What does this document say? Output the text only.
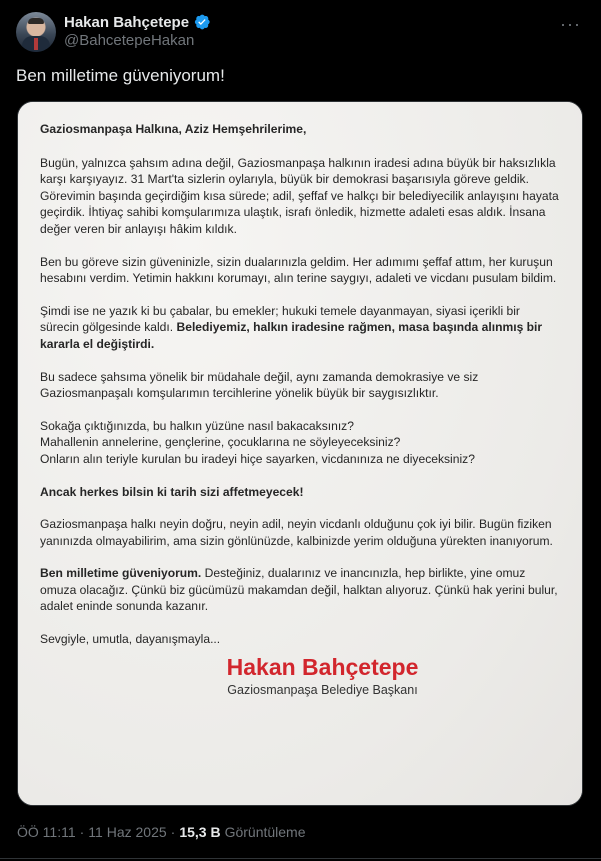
Hakan Bahçetepe
@BahcetepeHakan
···
Ben milletime güveniyorum!

Gaziosmanpaşa Halkına, Aziz Hemşehrilerime,

Bugün, yalnızca şahsım adına değil, Gaziosmanpaşa halkının iradesi adına büyük bir haksızlıkla karşı karşıyayız. 31 Mart'ta sizlerin oylarıyla, büyük bir demokrasi başarısıyla göreve geldik. Görevimin başında geçirdiğim kısa sürede; adil, şeffaf ve halkçı bir belediyecilik anlayışını hayata geçirdik. İhtiyaç sahibi komşularımıza ulaştık, israfı önledik, hizmette adaleti esas aldık. İnsana değer veren bir anlayışı hâkim kıldık.

Ben bu göreve sizin güveninizle, sizin dualarınızla geldim. Her adımımı şeffaf attım, her kuruşun hesabını verdim. Yetimin hakkını korumayı, alın terine saygıyı, adaleti ve vicdanı pusulam bildim.

Şimdi ise ne yazık ki bu çabalar, bu emekler; hukuki temele dayanmayan, siyasi içerikli bir sürecin gölgesinde kaldı. Belediyemiz, halkın iradesine rağmen, masa başında alınmış bir kararla el değiştirdi.

Bu sadece şahsıma yönelik bir müdahale değil, aynı zamanda demokrasiye ve siz Gaziosmanpaşalı komşularımın tercihlerine yönelik büyük bir saygısızlıktır.

Sokağa çıktığınızda, bu halkın yüzüne nasıl bakacaksınız?
Mahallenin annelerine, gençlerine, çocuklarına ne söyleyeceksiniz?
Onların alın teriyle kurulan bu iradeyi hiçe sayarken, vicdanınıza ne diyeceksiniz?

Ancak herkes bilsin ki tarih sizi affetmeyecek!

Gaziosmanpaşa halkı neyin doğru, neyin adil, neyin vicdanlı olduğunu çok iyi bilir. Bugün fiziken yanınızda olmayabilirim, ama sizin gönlünüzde, kalbinizde yerim olduğuna yürekten inanıyorum.

Ben milletime güveniyorum. Desteğiniz, dualarınız ve inancınızla, hep birlikte, yine omuz omuza olacağız. Çünkü biz gücümüzü makamdan değil, halktan alıyoruz. Çünkü hak yerini bulur, adalet eninde sonunda kazanır.

Sevgiyle, umutla, dayanışmayla...

Hakan Bahçetepe
Gaziosmanpaşa Belediye Başkanı
ÖÖ 11:11 · 11 Haz 2025 · 15,3 B Görüntüleme
